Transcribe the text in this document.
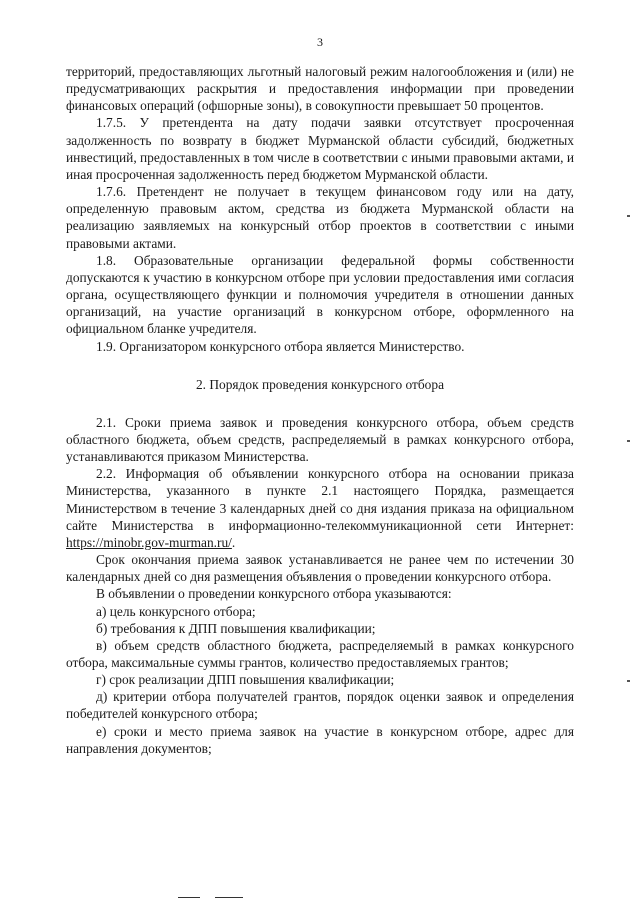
3

территорий, предоставляющих льготный налоговый режим налогообложения и (или) не предусматривающих раскрытия и предоставления информации при проведении финансовых операций (офшорные зоны), в совокупности превышает 50 процентов.

1.7.5. У претендента на дату подачи заявки отсутствует просроченная задолженность по возврату в бюджет Мурманской области субсидий, бюджетных инвестиций, предоставленных в том числе в соответствии с иными правовыми актами, и иная просроченная задолженность перед бюджетом Мурманской области.

1.7.6. Претендент не получает в текущем финансовом году или на дату, определенную правовым актом, средства из бюджета Мурманской области на реализацию заявляемых на конкурсный отбор проектов в соответствии с иными правовыми актами.

1.8. Образовательные организации федеральной формы собственности допускаются к участию в конкурсном отборе при условии предоставления ими согласия органа, осуществляющего функции и полномочия учредителя в отношении данных организаций, на участие организаций в конкурсном отборе, оформленного на официальном бланке учредителя.

1.9. Организатором конкурсного отбора является Министерство.

2. Порядок проведения конкурсного отбора

2.1. Сроки приема заявок и проведения конкурсного отбора, объем средств областного бюджета, объем средств, распределяемый в рамках конкурсного отбора, устанавливаются приказом Министерства.

2.2. Информация об объявлении конкурсного отбора на основании приказа Министерства, указанного в пункте 2.1 настоящего Порядка, размещается Министерством в течение 3 календарных дней со дня издания приказа на официальном сайте Министерства в информационно-телекоммуникационной сети Интернет: https://minobr.gov-murman.ru/.

Срок окончания приема заявок устанавливается не ранее чем по истечении 30 календарных дней со дня размещения объявления о проведении конкурсного отбора.

В объявлении о проведении конкурсного отбора указываются:

а) цель конкурсного отбора;

б) требования к ДПП повышения квалификации;

в) объем средств областного бюджета, распределяемый в рамках конкурсного отбора, максимальные суммы грантов, количество предоставляемых грантов;

г) срок реализации ДПП повышения квалификации;

д) критерии отбора получателей грантов, порядок оценки заявок и определения победителей конкурсного отбора;

е) сроки и место приема заявок на участие в конкурсном отборе, адрес для направления документов;
